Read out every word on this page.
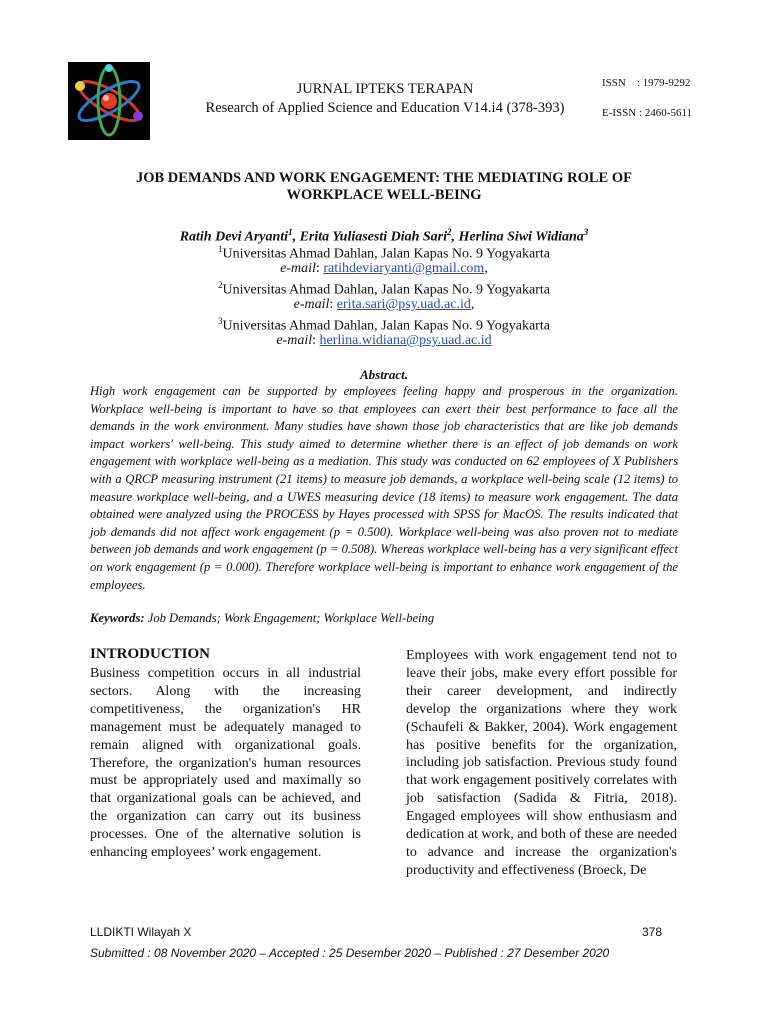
JURNAL IPTEKS TERAPAN
Research of Applied Science and Education V14.i4 (378-393)
ISSN : 1979-9292
E-ISSN : 2460-5611
JOB DEMANDS AND WORK ENGAGEMENT: THE MEDIATING ROLE OF WORKPLACE WELL-BEING
Ratih Devi Aryanti$^1$, Erita Yuliasesti Diah Sari$^2$, Herlina Siwi Widiana$^3$
$^1$Universitas Ahmad Dahlan, Jalan Kapas No. 9 Yogyakarta
e-mail: ratihdeviaryanti@gmail.com,
$^2$Universitas Ahmad Dahlan, Jalan Kapas No. 9 Yogyakarta
e-mail: erita.sari@psy.uad.ac.id,
$^3$Universitas Ahmad Dahlan, Jalan Kapas No. 9 Yogyakarta
e-mail: herlina.widiana@psy.uad.ac.id
Abstract.
High work engagement can be supported by employees feeling happy and prosperous in the organization. Workplace well-being is important to have so that employees can exert their best performance to face all the demands in the work environment. Many studies have shown those job characteristics that are like job demands impact workers' well-being. This study aimed to determine whether there is an effect of job demands on work engagement with workplace well-being as a mediation. This study was conducted on 62 employees of X Publishers with a QRCP measuring instrument (21 items) to measure job demands, a workplace well-being scale (12 items) to measure workplace well-being, and a UWES measuring device (18 items) to measure work engagement. The data obtained were analyzed using the PROCESS by Hayes processed with SPSS for MacOS. The results indicated that job demands did not affect work engagement (p = 0.500). Workplace well-being was also proven not to mediate between job demands and work engagement (p = 0.508). Whereas workplace well-being has a very significant effect on work engagement (p = 0.000). Therefore workplace well-being is important to enhance work engagement of the employees.
Keywords: Job Demands; Work Engagement; Workplace Well-being
INTRODUCTION
Business competition occurs in all industrial sectors. Along with the increasing competitiveness, the organization's HR management must be adequately managed to remain aligned with organizational goals. Therefore, the organization's human resources must be appropriately used and maximally so that organizational goals can be achieved, and the organization can carry out its business processes. One of the alternative solution is enhancing employees’ work engagement.
Employees with work engagement tend not to leave their jobs, make every effort possible for their career development, and indirectly develop the organizations where they work (Schaufeli & Bakker, 2004). Work engagement has positive benefits for the organization, including job satisfaction. Previous study found that work engagement positively correlates with job satisfaction (Sadida & Fitria, 2018). Engaged employees will show enthusiasm and dedication at work, and both of these are needed to advance and increase the organization's productivity and effectiveness (Broeck, De
LLDIKTI Wilayah X	378
Submitted : 08 November 2020 – Accepted : 25 Desember 2020 – Published : 27 Desember 2020
